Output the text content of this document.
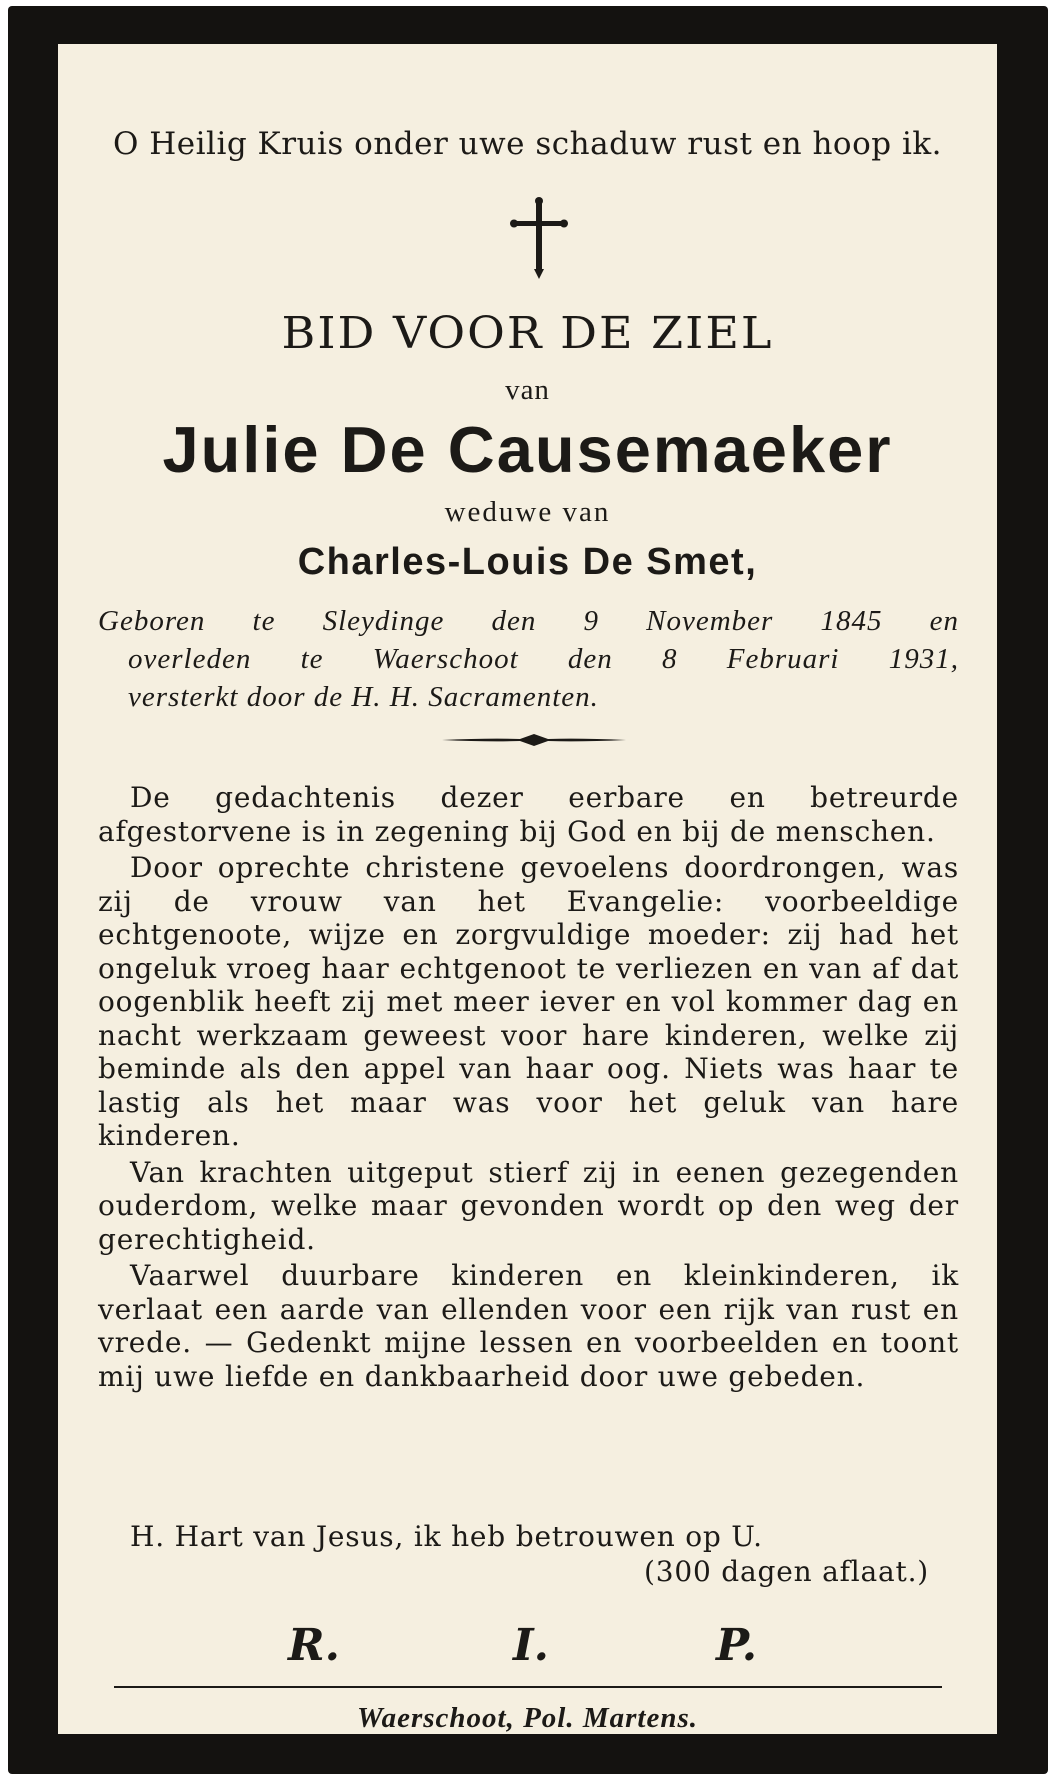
O Heilig Kruis onder uwe schaduw rust en hoop ik.
BID VOOR DE ZIEL
van
Julie De Causemaeker
weduwe van
Charles-Louis De Smet,
Geboren te Sleydinge den 9 November 1845 en
overleden te Waerschoot den 8 Februari 1931,
versterkt door de H. H. Sacramenten.

De gedachtenis dezer eerbare en betreurde afgestorvene is in zegening bij God en bij de menschen.

Door oprechte christene gevoelens doordrongen, was zij de vrouw van het Evangelie: voorbeeldige echtgenoote, wijze en zorgvuldige moeder: zij had het ongeluk vroeg haar echtgenoot te verliezen en van af dat oogenblik heeft zij met meer iever en vol kommer dag en nacht werkzaam geweest voor hare kinderen, welke zij beminde als den appel van haar oog. Niets was haar te lastig als het maar was voor het geluk van hare kinderen.

Van krachten uitgeput stierf zij in eenen gezegenden ouderdom, welke maar gevonden wordt op den weg der gerechtigheid.

Vaarwel duurbare kinderen en kleinkinderen, ik verlaat een aarde van ellenden voor een rijk van rust en vrede. — Gedenkt mijne lessen en voorbeelden en toont mij uwe liefde en dankbaarheid door uwe gebeden.

H. Hart van Jesus, ik heb betrouwen op U.
(300 dagen aflaat.)
R.	I.	P.
Waerschoot, Pol. Martens.
